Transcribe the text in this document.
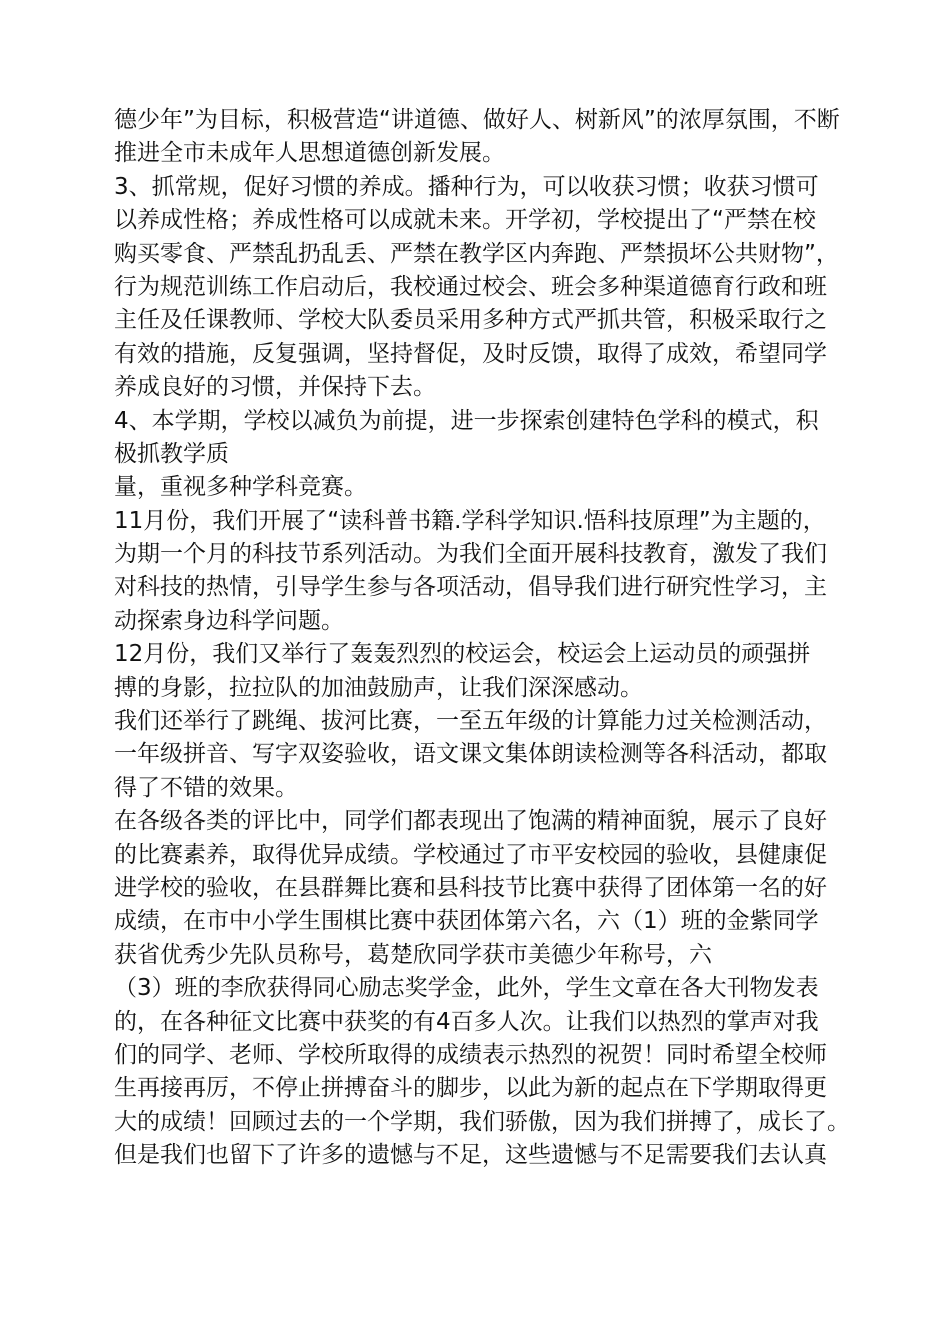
德少年”为目标，积极营造“讲道德、做好人、树新风”的浓厚氛围，不断
推进全市未成年人思想道德创新发展。
3、抓常规，促好习惯的养成。播种行为，可以收获习惯；收获习惯可
以养成性格；养成性格可以成就未来。开学初，学校提出了“严禁在校
购买零食、严禁乱扔乱丢、严禁在教学区内奔跑、严禁损坏公共财物”，
行为规范训练工作启动后，我校通过校会、班会多种渠道德育行政和班
主任及任课教师、学校大队委员采用多种方式严抓共管，积极采取行之
有效的措施，反复强调，坚持督促，及时反馈，取得了成效，希望同学
养成良好的习惯，并保持下去。
4、本学期，学校以减负为前提，进一步探索创建特色学科的模式，积
极抓教学质
量，重视多种学科竞赛。
11月份，我们开展了“读科普书籍.学科学知识.悟科技原理”为主题的，
为期一个月的科技节系列活动。为我们全面开展科技教育，激发了我们
对科技的热情，引导学生参与各项活动，倡导我们进行研究性学习，主
动探索身边科学问题。
12月份，我们又举行了轰轰烈烈的校运会，校运会上运动员的顽强拼
搏的身影，拉拉队的加油鼓励声，让我们深深感动。
我们还举行了跳绳、拔河比赛，一至五年级的计算能力过关检测活动，
一年级拼音、写字双姿验收，语文课文集体朗读检测等各科活动，都取
得了不错的效果。
在各级各类的评比中，同学们都表现出了饱满的精神面貌，展示了良好
的比赛素养，取得优异成绩。学校通过了市平安校园的验收，县健康促
进学校的验收，在县群舞比赛和县科技节比赛中获得了团体第一名的好
成绩，在市中小学生围棋比赛中获团体第六名，六（1）班的金紫同学
获省优秀少先队员称号，葛楚欣同学获市美德少年称号，六
（3）班的李欣获得同心励志奖学金，此外，学生文章在各大刊物发表
的，在各种征文比赛中获奖的有4百多人次。让我们以热烈的掌声对我
们的同学、老师、学校所取得的成绩表示热烈的祝贺！同时希望全校师
生再接再厉，不停止拼搏奋斗的脚步，以此为新的起点在下学期取得更
大的成绩！回顾过去的一个学期，我们骄傲，因为我们拼搏了，成长了。
但是我们也留下了许多的遗憾与不足，这些遗憾与不足需要我们去认真
